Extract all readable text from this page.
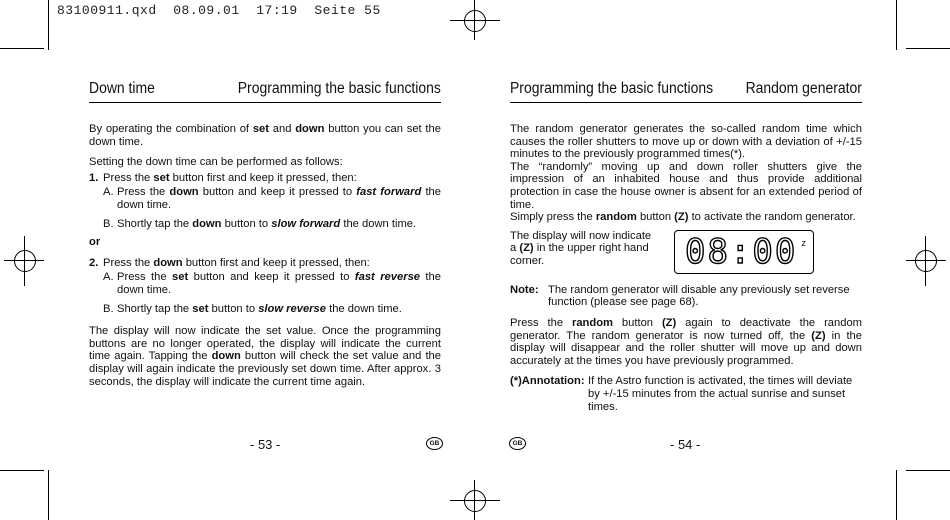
83100911.qxd  08.09.01  17:19  Seite 55
Down time	Programming the basic functions

By operating the combination of set and down button you can set the down time.

Setting the down time can be performed as follows:

1. Press the set button first and keep it pressed, then:
A. Press the down button and keep it pressed to fast forward the down time.
B. Shortly tap the down button to slow forward the down time.
or
2. Press the down button first and keep it pressed, then:
A. Press the set button and keep it pressed to fast reverse the down time.
B. Shortly tap the set button to slow reverse the down time.

The display will now indicate the set value. Once the programming buttons are no longer operated, the display will indicate the current time again. Tapping the down button will check the set value and the display will again indicate the previously set down time. After approx. 3 seconds, the display will indicate the current time again.

- 53 -	GB
Programming the basic functions Random generator

The random generator generates the so-called random time which causes the roller shutters to move up or down with a deviation of +/-15 minutes to the previously programmed times(*).

The “randomly” moving up and down roller shutters give the impression of an inhabited house and thus provide additional protection in case the house owner is absent for an extended period of time.

Simply press the random button (Z) to activate the random generator.

The display will now indicate a (Z) in the upper right hand corner.	08:00 z
Note: The random generator will disable any previously set reverse function (please see page 68).

Press the random button (Z) again to deactivate the random generator. The random generator is now turned off, the (Z) in the display will disappear and the roller shutter will move up and down accurately at the times you have previously programmed.

(*)Annotation: If the Astro function is activated, the times will deviate by +/-15 minutes from the actual sunrise and sunset times.
GB	- 54 -
